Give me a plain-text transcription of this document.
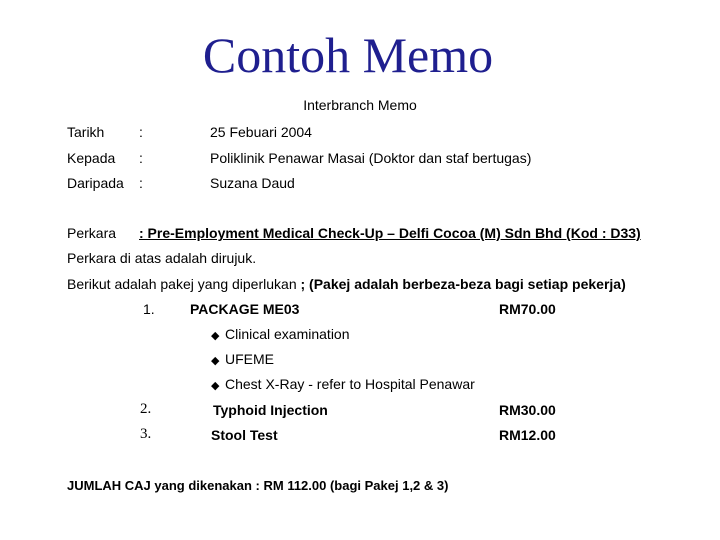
Contoh Memo
Interbranch Memo
Tarikh :	25 Febuari 2004
Kepada :	Poliklinik Penawar Masai (Doktor dan staf bertugas)
Daripada :	Suzana Daud
Perkara : Pre-Employment Medical Check-Up – Delfi Cocoa (M) Sdn Bhd (Kod : D33)
Perkara di atas adalah dirujuk.
Berikut adalah pakej yang diperlukan ; (Pakej adalah berbeza-beza bagi setiap pekerja)
1.	PACKAGE ME03	RM70.00
◆ Clinical examination
◆ UFEME
◆ Chest X-Ray - refer to Hospital Penawar
2.	Typhoid Injection	RM30.00
3.	Stool Test	RM12.00
JUMLAH CAJ yang dikenakan : RM 112.00 (bagi Pakej 1,2 & 3)
